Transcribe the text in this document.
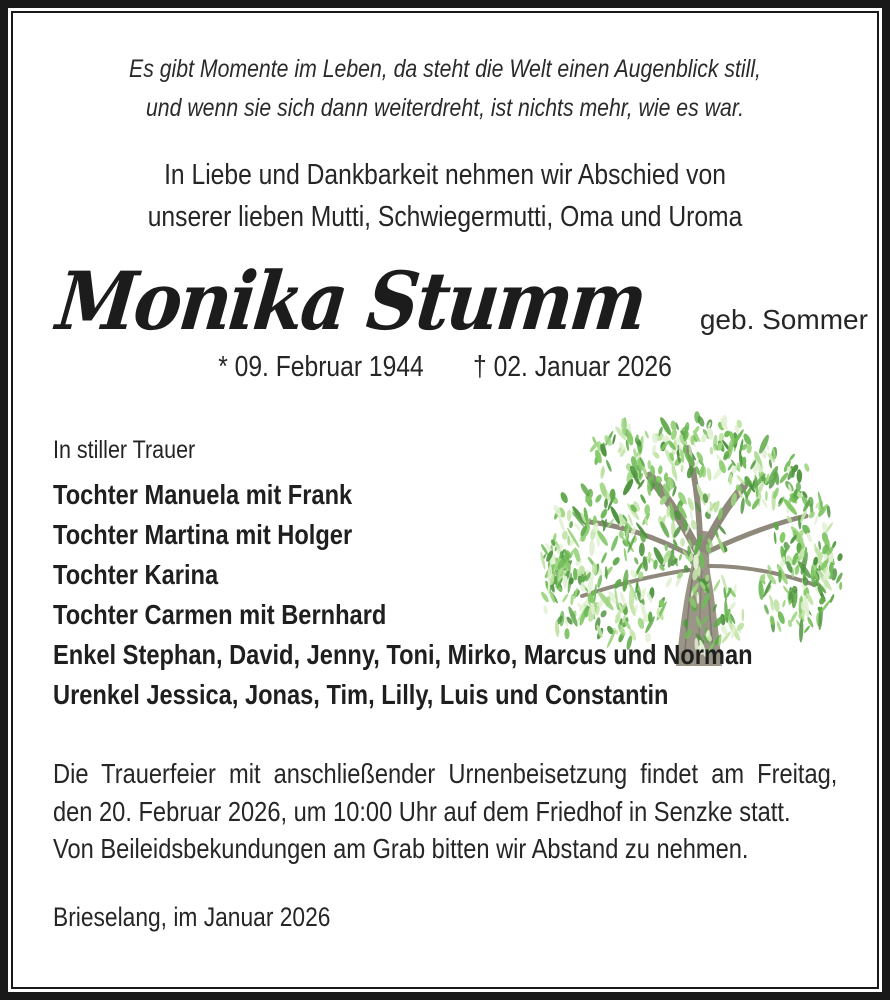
Es gibt Momente im Leben, da steht die Welt einen Augenblick still,
und wenn sie sich dann weiterdreht, ist nichts mehr, wie es war.
In Liebe und Dankbarkeit nehmen wir Abschied von
unserer lieben Mutti, Schwiegermutti, Oma und Uroma
Monika Stumm geb. Sommer
* 09. Februar 1944 † 02. Januar 2026
In stiller Trauer
Tochter Manuela mit Frank
Tochter Martina mit Holger
Tochter Karina
Tochter Carmen mit Bernhard
Enkel Stephan, David, Jenny, Toni, Mirko, Marcus und Norman
Urenkel Jessica, Jonas, Tim, Lilly, Luis und Constantin
Die Trauerfeier mit anschließender Urnenbeisetzung findet am Freitag,
den 20. Februar 2026, um 10:00 Uhr auf dem Friedhof in Senzke statt.
Von Beileidsbekundungen am Grab bitten wir Abstand zu nehmen.
Brieselang, im Januar 2026
